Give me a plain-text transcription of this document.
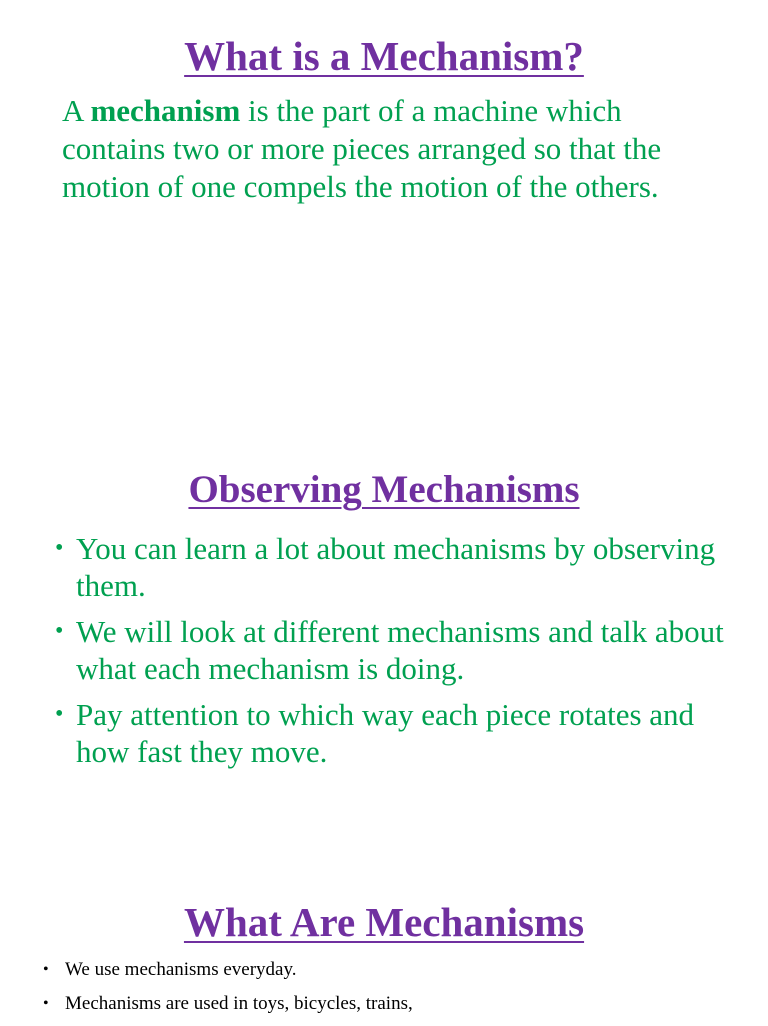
What is a Mechanism?

A mechanism is the part of a machine which contains two or more pieces arranged so that the motion of one compels the motion of the others.

Observing Mechanisms
• You can learn a lot about mechanisms by observing them.
• We will look at different mechanisms and talk about what each mechanism is doing.
• Pay attention to which way each piece rotates and how fast they move.
What Are Mechanisms
• We use mechanisms everyday.
• Mechanisms are used in toys, bicycles, trains,
